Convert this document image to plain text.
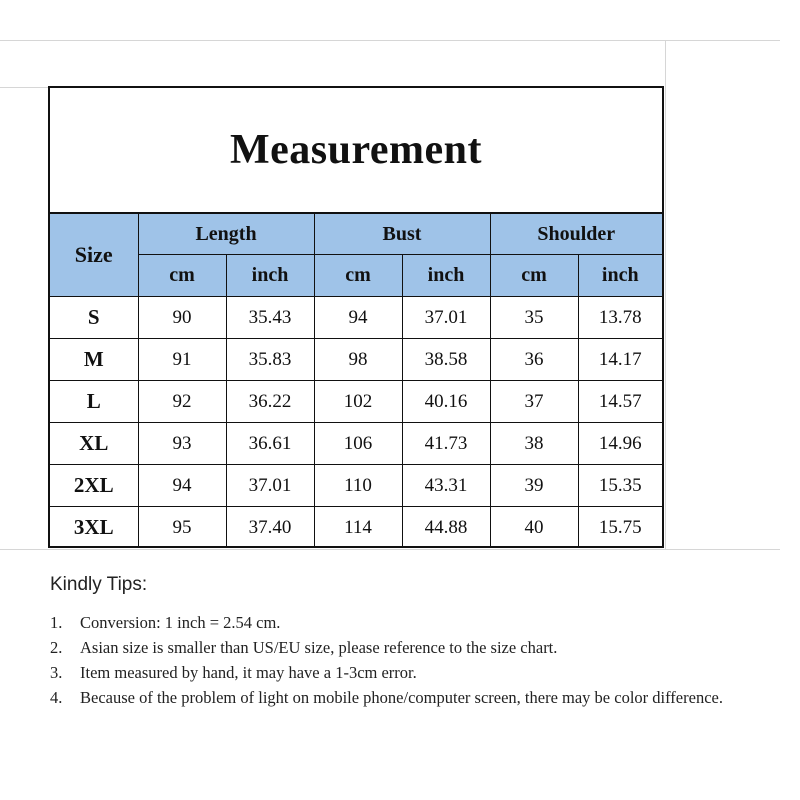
Measurement
Size	Length		Bust		Shoulder	
	cm	inch	cm	inch	cm	inch
S	90	35.43	94	37.01	35	13.78
M	91	35.83	98	38.58	36	14.17
L	92	36.22	102	40.16	37	14.57
XL	93	36.61	106	41.73	38	14.96
2XL	94	37.01	110	43.31	39	15.35
3XL	95	37.40	114	44.88	40	15.75
Kindly Tips:
1.	Conversion: 1 inch = 2.54 cm.
2.	Asian size is smaller than US/EU size, please reference to the size chart.
3.	Item measured by hand, it may have a 1-3cm error.
4.	Because of the problem of light on mobile phone/computer screen, there may be color difference.
